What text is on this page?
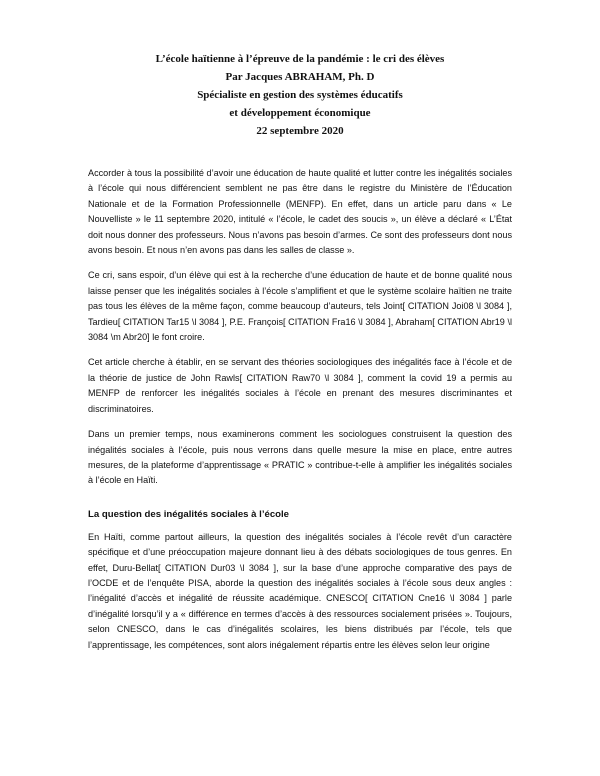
L’école haïtienne à l’épreuve de la pandémie : le cri des élèves
Par Jacques ABRAHAM, Ph. D
Spécialiste en gestion des systèmes éducatifs
et développement économique
22 septembre 2020

Accorder à tous la possibilité d’avoir une éducation de haute qualité et lutter contre les inégalités sociales à l’école qui nous différencient semblent ne pas être dans le registre du Ministère de l’Éducation Nationale et de la Formation Professionnelle (MENFP). En effet, dans un article paru dans « Le Nouvelliste » le 11 septembre 2020, intitulé « l’école, le cadet des soucis », un élève a déclaré « L’État doit nous donner des professeurs. Nous n’avons pas besoin d’armes. Ce sont des professeurs dont nous avons besoin. Et nous n’en avons pas dans les salles de classe ».

Ce cri, sans espoir, d’un élève qui est à la recherche d’une éducation de haute et de bonne qualité nous laisse penser que les inégalités sociales à l’école s’amplifient et que le système scolaire haïtien ne traite pas tous les élèves de la même façon, comme beaucoup d’auteurs, tels Joint[ CITATION Joi08 \l 3084 ], Tardieu[ CITATION Tar15 \l 3084 ], P.E. François[ CITATION Fra16 \l 3084 ], Abraham[ CITATION Abr19 \l 3084 \m Abr20] le font croire.

Cet article cherche à établir, en se servant des théories sociologiques des inégalités face à l’école et de la théorie de justice de John Rawls[ CITATION Raw70 \l 3084 ], comment la covid 19 a permis au MENFP de renforcer les inégalités sociales à l’école en prenant des mesures discriminantes et discriminatoires.

Dans un premier temps, nous examinerons comment les sociologues construisent la question des inégalités sociales à l’école, puis nous verrons dans quelle mesure la mise en place, entre autres mesures, de la plateforme d’apprentissage « PRATIC » contribue-t-elle à amplifier les inégalités sociales à l’école en Haïti.

La question des inégalités sociales à l’école

En Haïti, comme partout ailleurs, la question des inégalités sociales à l’école revêt d’un caractère spécifique et d’une préoccupation majeure donnant lieu à des débats sociologiques de tous genres. En effet, Duru-Bellat[ CITATION Dur03 \l 3084 ], sur la base d’une approche comparative des pays de l’OCDE et de l’enquête PISA, aborde la question des inégalités sociales à l’école sous deux angles : l’inégalité d’accès et inégalité de réussite académique. CNESCO[ CITATION Cne16 \l 3084 ] parle d’inégalité lorsqu’il y a « différence en termes d’accès à des ressources socialement prisées ». Toujours, selon CNESCO, dans le cas d’inégalités scolaires, les biens distribués par l’école, tels que l’apprentissage, les compétences, sont alors inégalement répartis entre les élèves selon leur origine
